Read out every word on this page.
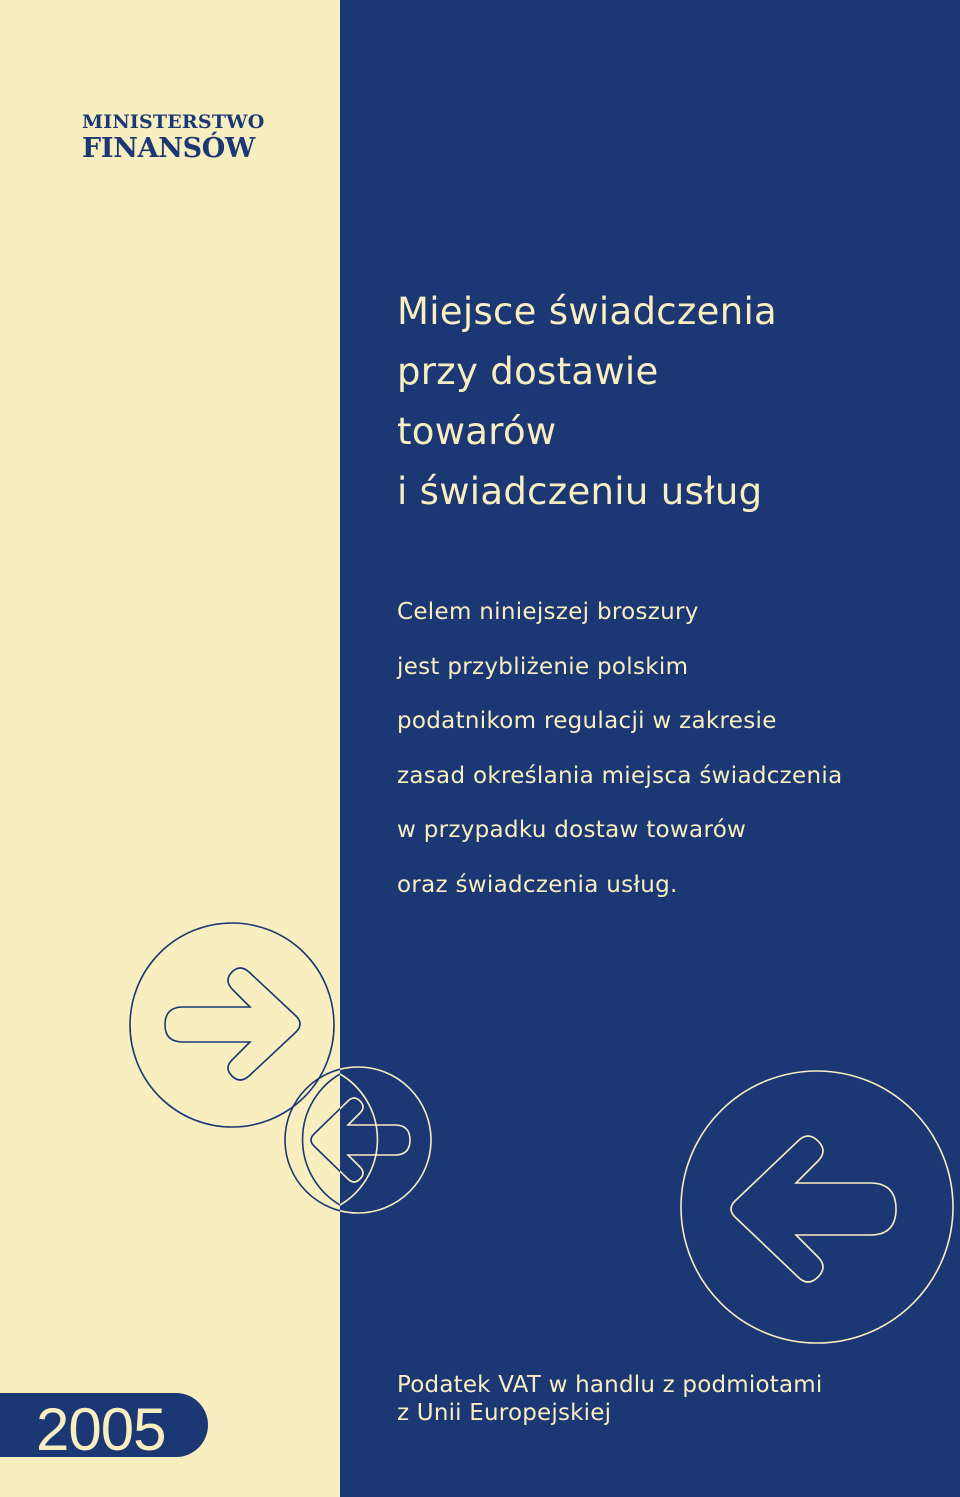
MINISTERSTWO
FINANSÓW
Miejsce świadczenia
przy dostawie
towarów
i świadczeniu usług

Celem niniejszej broszury
jest przybliżenie polskim
podatnikom regulacji w zakresie
zasad określania miejsca świadczenia
w przypadku dostaw towarów
oraz świadczenia usług.

2005

Podatek VAT w handlu z podmiotami
z Unii Europejskiej
